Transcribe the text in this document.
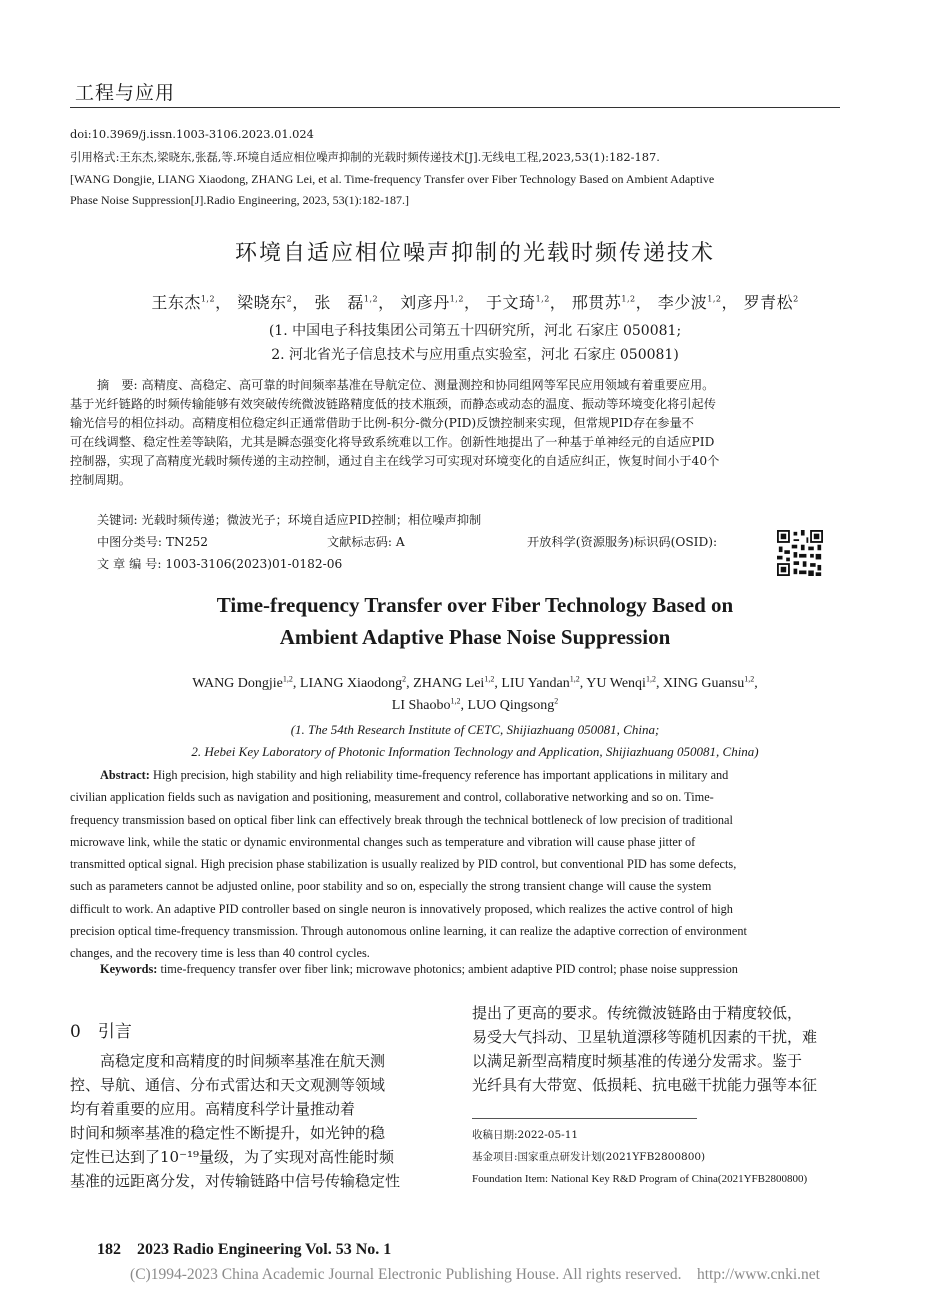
工程与应用
doi:10.3969/j.issn.1003-3106.2023.01.024
引用格式:王东杰,梁晓东,张磊,等.环境自适应相位噪声抑制的光载时频传递技术[J].无线电工程,2023,53(1):182-187.
[WANG Dongjie, LIANG Xiaodong, ZHANG Lei, et al. Time-frequency Transfer over Fiber Technology Based on Ambient Adaptive
Phase Noise Suppression[J].Radio Engineering, 2023, 53(1):182-187.]
环境自适应相位噪声抑制的光载时频传递技术
王东杰$^{1,2}$， 梁晓东$^2$， 张　磊$^{1,2}$， 刘彦丹$^{1,2}$， 于文琦$^{1,2}$， 邢贯苏$^{1,2}$， 李少波$^{1,2}$， 罗青松$^2$
(1. 中国电子科技集团公司第五十四研究所，河北 石家庄 050081;
2. 河北省光子信息技术与应用重点实验室，河北 石家庄 050081)
摘　要: 高精度、高稳定、高可靠的时间频率基准在导航定位、测量测控和协同组网等军民应用领域有着重要应用。
基于光纤链路的时频传输能够有效突破传统微波链路精度低的技术瓶颈，而静态或动态的温度、振动等环境变化将引起传
输光信号的相位抖动。高精度相位稳定纠正通常借助于比例-积分-微分(PID)反馈控制来实现，但常规PID存在参量不
可在线调整、稳定性差等缺陷，尤其是瞬态强变化将导致系统难以工作。创新性地提出了一种基于单神经元的自适应PID
控制器，实现了高精度光载时频传递的主动控制，通过自主在线学习可实现对环境变化的自适应纠正，恢复时间小于40个
控制周期。
关键词: 光载时频传递；微波光子；环境自适应PID控制；相位噪声抑制
中图分类号: TN252	文献标志码: A	开放科学(资源服务)标识码(OSID):
文 章 编 号: 1003-3106(2023)01-0182-06
Time-frequency Transfer over Fiber Technology Based on
Ambient Adaptive Phase Noise Suppression
WANG Dongjie$^{1,2}$, LIANG Xiaodong$^2$, ZHANG Lei$^{1,2}$, LIU Yandan$^{1,2}$, YU Wenqi$^{1,2}$, XING Guansu$^{1,2}$,
LI Shaobo$^{1,2}$, LUO Qingsong$^2$
(1. The 54th Research Institute of CETC, Shijiazhuang 050081, China;
2. Hebei Key Laboratory of Photonic Information Technology and Application, Shijiazhuang 050081, China)
Abstract: High precision, high stability and high reliability time-frequency reference has important applications in military and
civilian application fields such as navigation and positioning, measurement and control, collaborative networking and so on. Time-
frequency transmission based on optical fiber link can effectively break through the technical bottleneck of low precision of traditional
microwave link, while the static or dynamic environmental changes such as temperature and vibration will cause phase jitter of
transmitted optical signal. High precision phase stabilization is usually realized by PID control, but conventional PID has some defects,
such as parameters cannot be adjusted online, poor stability and so on, especially the strong transient change will cause the system
difficult to work. An adaptive PID controller based on single neuron is innovatively proposed, which realizes the active control of high
precision optical time-frequency transmission. Through autonomous online learning, it can realize the adaptive correction of environment
changes, and the recovery time is less than 40 control cycles.
Keywords: time-frequency transfer over fiber link; microwave photonics; ambient adaptive PID control; phase noise suppression
0　 引言
高稳定度和高精度的时间频率基准在航天测
控、导航、通信、分布式雷达和天文观测等领域
均有着重要的应用。高精度科学计量推动着
时间和频率基准的稳定性不断提升，如光钟的稳
定性已达到了10⁻¹⁹量级，为了实现对高性能时频
基准的远距离分发，对传输链路中信号传输稳定性
提出了更高的要求。传统微波链路由于精度较低，
易受大气抖动、卫星轨道漂移等随机因素的干扰，难
以满足新型高精度时频基准的传递分发需求。鉴于
光纤具有大带宽、低损耗、抗电磁干扰能力强等本征
收稿日期:2022-05-11
基金项目:国家重点研发计划(2021YFB2800800)
Foundation Item: National Key R&D Program of China(2021YFB2800800)
182　2023 Radio Engineering Vol. 53 No. 1
(C)1994-2023 China Academic Journal Electronic Publishing House. All rights reserved.　http://www.cnki.net
